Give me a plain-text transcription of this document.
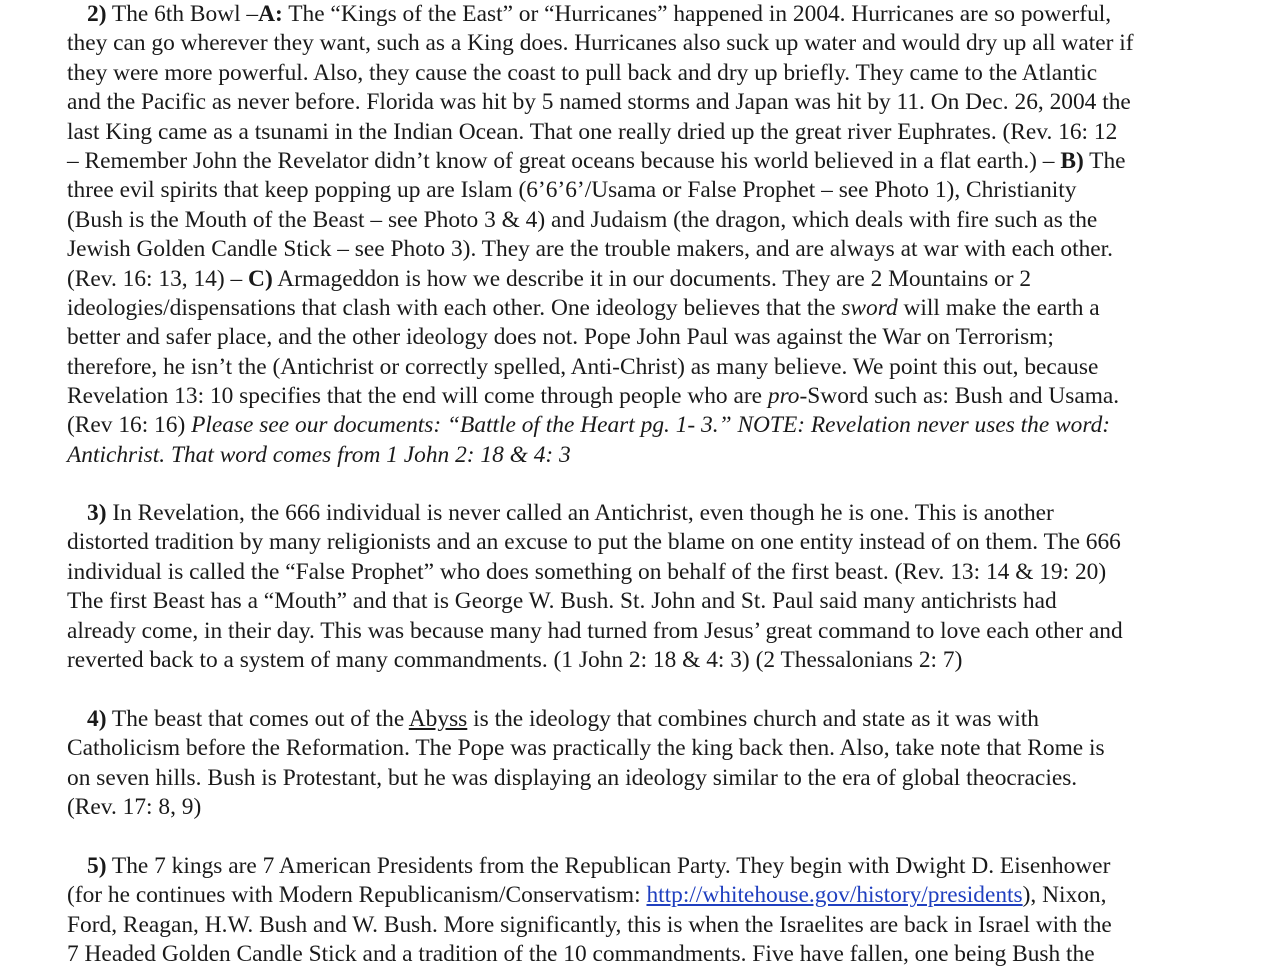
2) The 6th Bowl –A: The “Kings of the East” or “Hurricanes” happened in 2004. Hurricanes are so powerful,
they can go wherever they want, such as a King does. Hurricanes also suck up water and would dry up all water if
they were more powerful. Also, they cause the coast to pull back and dry up briefly. They came to the Atlantic
and the Pacific as never before. Florida was hit by 5 named storms and Japan was hit by 11. On Dec. 26, 2004 the
last King came as a tsunami in the Indian Ocean. That one really dried up the great river Euphrates. (Rev. 16: 12
– Remember John the Revelator didn’t know of great oceans because his world believed in a flat earth.) – B) The
three evil spirits that keep popping up are Islam (6’6’6’/Usama or False Prophet – see Photo 1), Christianity
(Bush is the Mouth of the Beast – see Photo 3 & 4) and Judaism (the dragon, which deals with fire such as the
Jewish Golden Candle Stick – see Photo 3). They are the trouble makers, and are always at war with each other.
(Rev. 16: 13, 14) – C) Armageddon is how we describe it in our documents. They are 2 Mountains or 2
ideologies/dispensations that clash with each other. One ideology believes that the sword will make the earth a
better and safer place, and the other ideology does not. Pope John Paul was against the War on Terrorism;
therefore, he isn’t the (Antichrist or correctly spelled, Anti-Christ) as many believe. We point this out, because
Revelation 13: 10 specifies that the end will come through people who are pro-Sword such as: Bush and Usama.
(Rev 16: 16) Please see our documents: “Battle of the Heart pg. 1- 3.” NOTE: Revelation never uses the word:
Antichrist. That word comes from 1 John 2: 18 & 4: 3
3) In Revelation, the 666 individual is never called an Antichrist, even though he is one. This is another
distorted tradition by many religionists and an excuse to put the blame on one entity instead of on them. The 666
individual is called the “False Prophet” who does something on behalf of the first beast. (Rev. 13: 14 & 19: 20)
The first Beast has a “Mouth” and that is George W. Bush. St. John and St. Paul said many antichrists had
already come, in their day. This was because many had turned from Jesus’ great command to love each other and
reverted back to a system of many commandments. (1 John 2: 18 & 4: 3) (2 Thessalonians 2: 7)
4) The beast that comes out of the Abyss is the ideology that combines church and state as it was with
Catholicism before the Reformation. The Pope was practically the king back then. Also, take note that Rome is
on seven hills. Bush is Protestant, but he was displaying an ideology similar to the era of global theocracies.
(Rev. 17: 8, 9)
5) The 7 kings are 7 American Presidents from the Republican Party. They begin with Dwight D. Eisenhower
(for he continues with Modern Republicanism/Conservatism: http://whitehouse.gov/history/presidents), Nixon,
Ford, Reagan, H.W. Bush and W. Bush. More significantly, this is when the Israelites are back in Israel with the
7 Headed Golden Candle Stick and a tradition of the 10 commandments. Five have fallen, one being Bush the
